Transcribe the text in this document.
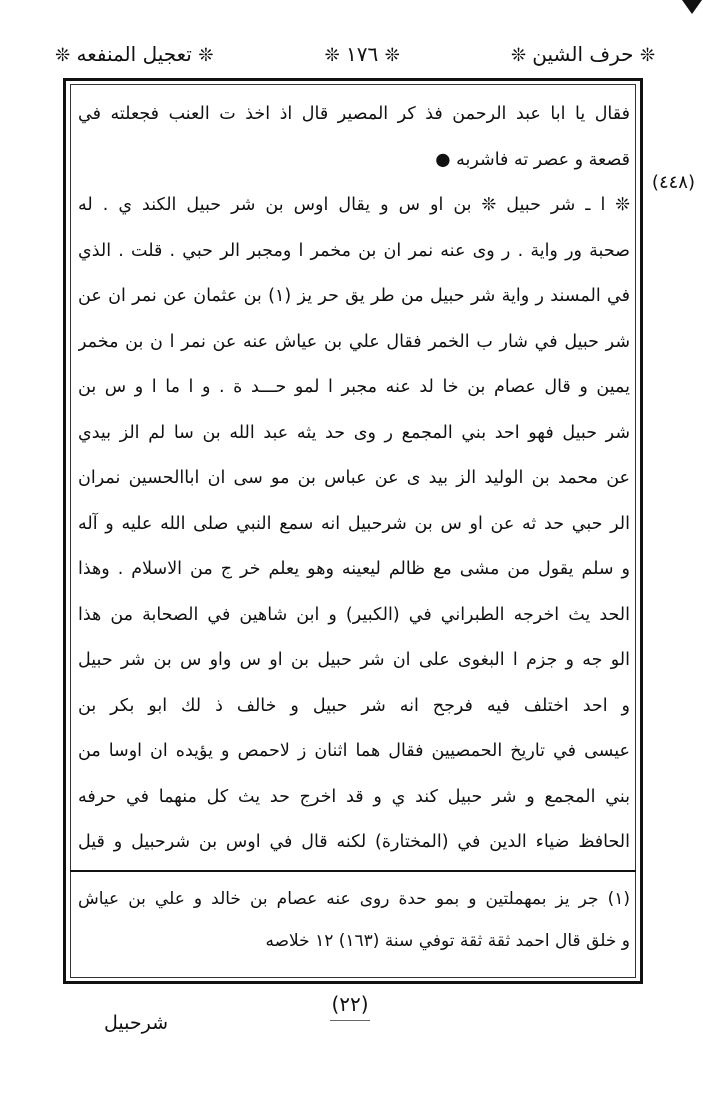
❊ تعجيل المنفعه ❊	❊ ١٧٦ ❊	❊ حرف الشين ❊
(٤٤٨)
فقال يا ابا عبد الرحمن فذ كر المصير قال اذ اخذ ت العنب فجعلته في
قصعة و عصر ته فاشربه ●
❊ ا ـ شر حبيل ❊ بن او س و يقال اوس بن شر حبيل الكند ي . له
صحبة ور واية . ر وى عنه نمر ان بن مخمر ا ومجبر الر حبي . قلت . الذي
في المسند ر واية شر حبيل من طر يق حر يز (١) بن عثمان عن نمر ان عن
شر حبيل في شار ب الخمر فقال علي بن عياش عنه عن نمر ا ن بن مخمر
يمين و قال عصام بن خا لد عنه مجبر ا لمو حـــد ة . و ا ما ا و س بن
شر حبيل فهو احد بني المجمع ر وى حد يثه عبد الله بن سا لم الز بيدي
عن محمد بن الوليد الز بيد ى عن عباس بن مو سى ان اباالحسين نمران
الر حبي حد ثه عن او س بن شرحبيل انه سمع النبي صلى الله عليه و آله
و سلم يقول من مشى مع ظالم ليعينه وهو يعلم خر ج من الاسلام . وهذا
الحد يث اخرجه الطبراني في (الكبير) و ابن شاهين في الصحابة من هذا
الو جه و جزم ا البغوى على ان شر حبيل بن او س واو س بن شر حبيل
و احد اختلف فيه فرجح انه شر حبيل و خالف ذ لك ابو بكر بن
عيسى في تاريخ الحمصيين فقال هما اثنان ز لاحمص و يؤيده ان اوسا من
بني المجمع و شر حبيل كند ي و قد اخرج حد يث كل منهما في حرفه
الحافظ ضياء الدين في (المختارة) لكنه قال في اوس بن شرحبيل و قيل
(١) جر يز بمهملتين و بمو حدة روى عنه عصام بن خالد و علي بن عياش
و خلق قال احمد ثقة ثقة توفي سنة (١٦٣) ١٢ خلاصه
(٢٢)
شرحبيل
